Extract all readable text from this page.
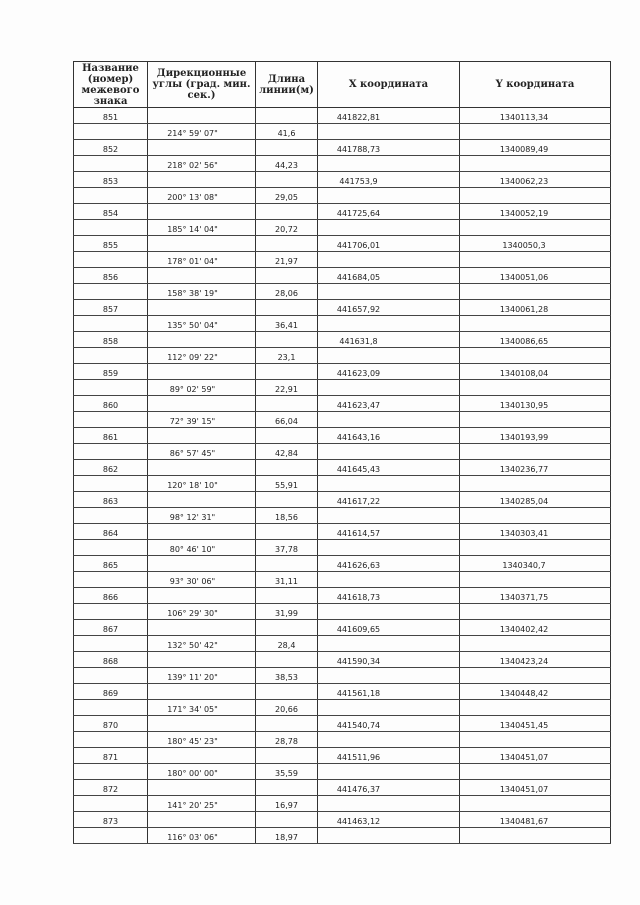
Название (номер) межевого знака	Дирекционные углы (град. мин. сек.)	Длина линии(м)	X координата	Y координата
851			441822,81	1340113,34
	214° 59' 07"	41,6		
852			441788,73	1340089,49
	218° 02' 56"	44,23		
853			441753,9	1340062,23
	200° 13' 08"	29,05		
854			441725,64	1340052,19
	185° 14' 04"	20,72		
855			441706,01	1340050,3
	178° 01' 04"	21,97		
856			441684,05	1340051,06
	158° 38' 19"	28,06		
857			441657,92	1340061,28
	135° 50' 04"	36,41		
858			441631,8	1340086,65
	112° 09' 22"	23,1		
859			441623,09	1340108,04
	89° 02' 59"	22,91		
860			441623,47	1340130,95
	72° 39' 15"	66,04		
861			441643,16	1340193,99
	86° 57' 45"	42,84		
862			441645,43	1340236,77
	120° 18' 10"	55,91		
863			441617,22	1340285,04
	98° 12' 31"	18,56		
864			441614,57	1340303,41
	80° 46' 10"	37,78		
865			441626,63	1340340,7
	93° 30' 06"	31,11		
866			441618,73	1340371,75
	106° 29' 30"	31,99		
867			441609,65	1340402,42
	132° 50' 42"	28,4		
868			441590,34	1340423,24
	139° 11' 20"	38,53		
869			441561,18	1340448,42
	171° 34' 05"	20,66		
870			441540,74	1340451,45
	180° 45' 23"	28,78		
871			441511,96	1340451,07
	180° 00' 00"	35,59		
872			441476,37	1340451,07
	141° 20' 25"	16,97		
873			441463,12	1340481,67
	116° 03' 06"	18,97		
